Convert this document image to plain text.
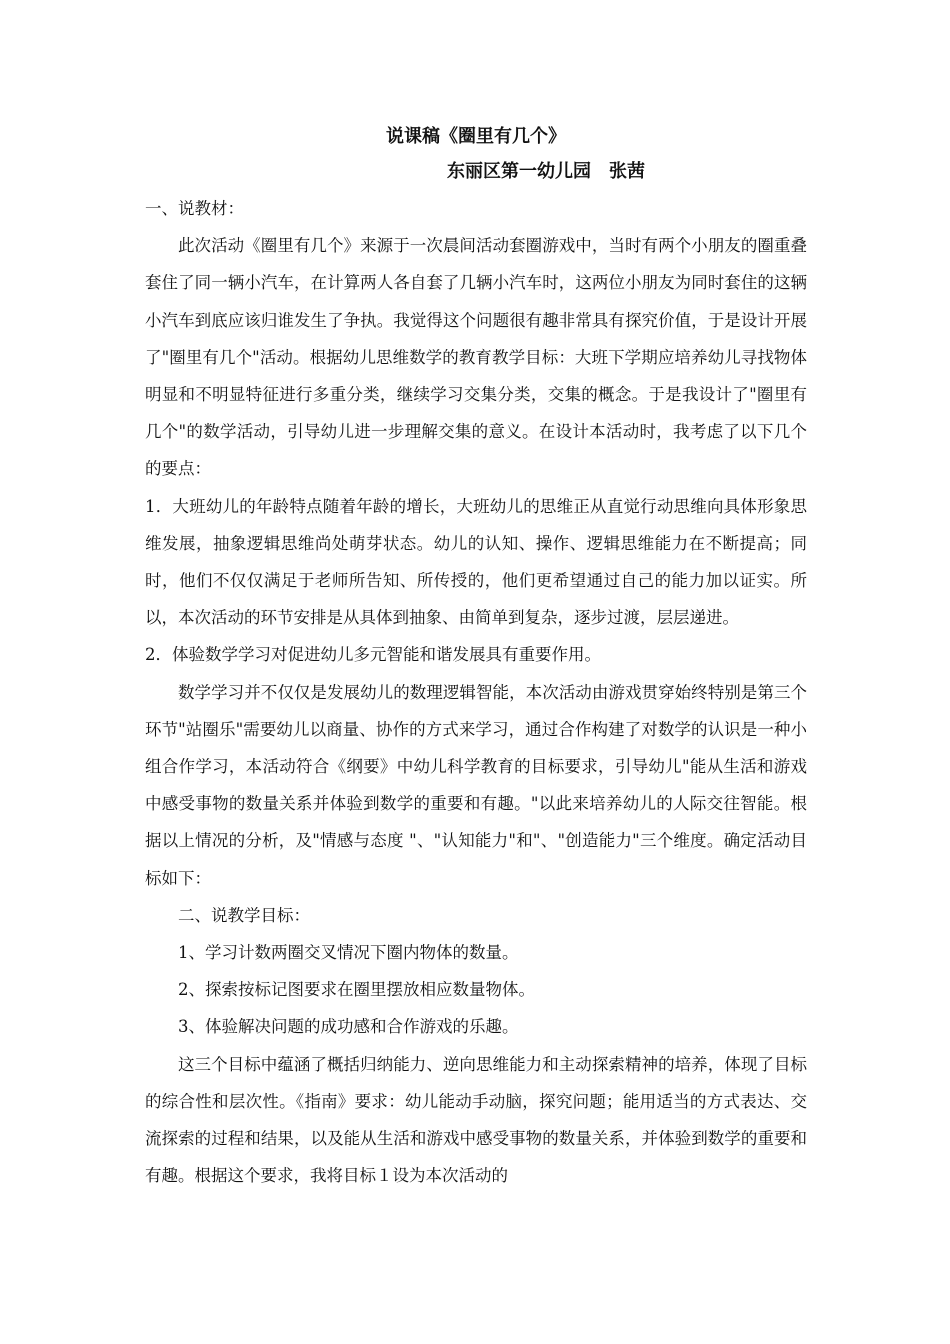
说课稿《圈里有几个》

东丽区第一幼儿园　张茜

一、说教材：

此次活动《圈里有几个》来源于一次晨间活动套圈游戏中，当时有两个小朋友的圈重叠套住了同一辆小汽车，在计算两人各自套了几辆小汽车时，这两位小朋友为同时套住的这辆小汽车到底应该归谁发生了争执。我觉得这个问题很有趣非常具有探究价值，于是设计开展了"圈里有几个"活动。根据幼儿思维数学的教育教学目标：大班下学期应培养幼儿寻找物体明显和不明显特征进行多重分类，继续学习交集分类，交集的概念。于是我设计了"圈里有几个"的数学活动，引导幼儿进一步理解交集的意义。在设计本活动时，我考虑了以下几个的要点：

1．大班幼儿的年龄特点随着年龄的增长，大班幼儿的思维正从直觉行动思维向具体形象思维发展，抽象逻辑思维尚处萌芽状态。幼儿的认知、操作、逻辑思维能力在不断提高；同时，他们不仅仅满足于老师所告知、所传授的，他们更希望通过自己的能力加以证实。所以，本次活动的环节安排是从具体到抽象、由简单到复杂，逐步过渡，层层递进。

2．体验数学学习对促进幼儿多元智能和谐发展具有重要作用。

数学学习并不仅仅是发展幼儿的数理逻辑智能，本次活动由游戏贯穿始终特别是第三个环节"站圈乐"需要幼儿以商量、协作的方式来学习，通过合作构建了对数学的认识是一种小组合作学习，本活动符合《纲要》中幼儿科学教育的目标要求，引导幼儿"能从生活和游戏中感受事物的数量关系并体验到数学的重要和有趣。"以此来培养幼儿的人际交往智能。根据以上情况的分析，及"情感与态度 "、"认知能力"和"、"创造能力"三个维度。确定活动目标如下：

二、说教学目标：

1、学习计数两圈交叉情况下圈内物体的数量。

2、探索按标记图要求在圈里摆放相应数量物体。

3、体验解决问题的成功感和合作游戏的乐趣。

这三个目标中蕴涵了概括归纳能力、逆向思维能力和主动探索精神的培养，体现了目标的综合性和层次性。《指南》要求：幼儿能动手动脑，探究问题；能用适当的方式表达、交流探索的过程和结果，以及能从生活和游戏中感受事物的数量关系，并体验到数学的重要和有趣。根据这个要求，我将目标１设为本次活动的
